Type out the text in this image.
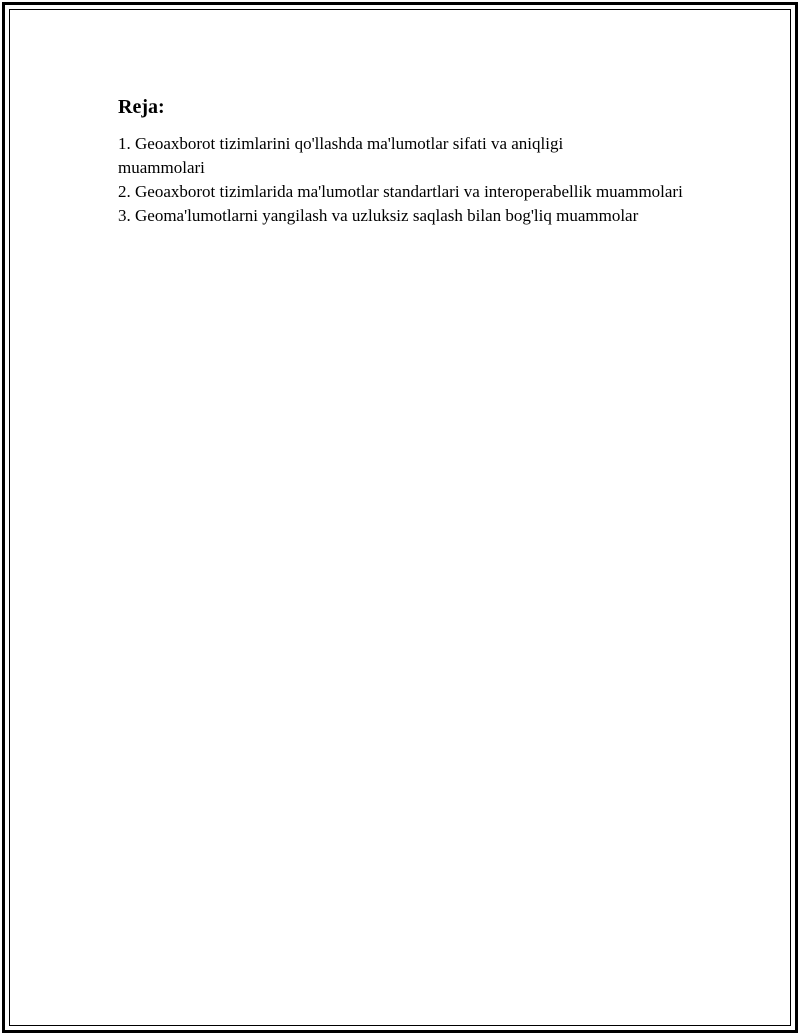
Reja:
1. Geoaxborot tizimlarini qo'llashda ma'lumotlar sifati va aniqligi muammolari
2. Geoaxborot tizimlarida ma'lumotlar standartlari va interoperabellik muammolari
3. Geoma'lumotlarni yangilash va uzluksiz saqlash bilan bog'liq muammolar
